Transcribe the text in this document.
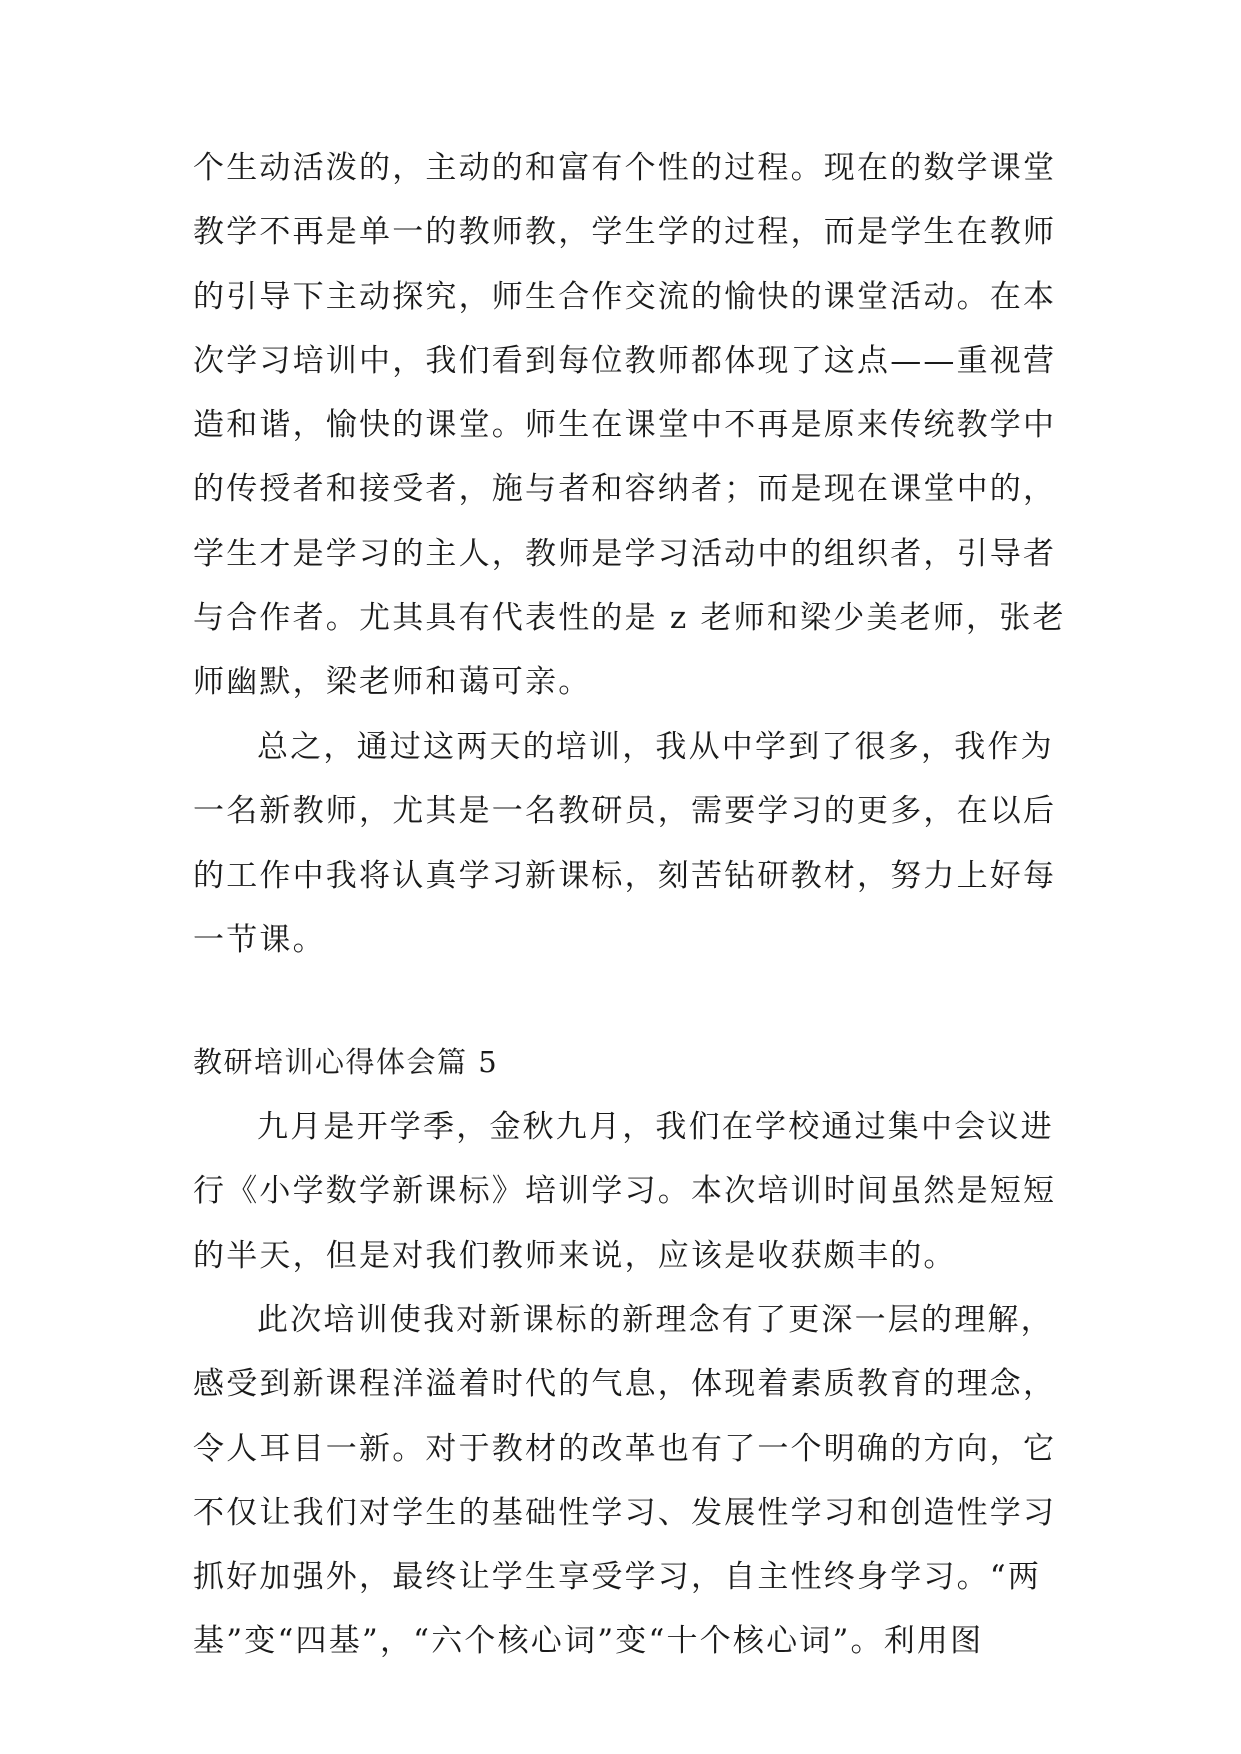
个生动活泼的，主动的和富有个性的过程。现在的数学课堂
教学不再是单一的教师教，学生学的过程，而是学生在教师
的引导下主动探究，师生合作交流的愉快的课堂活动。在本
次学习培训中，我们看到每位教师都体现了这点——重视营
造和谐，愉快的课堂。师生在课堂中不再是原来传统教学中
的传授者和接受者，施与者和容纳者；而是现在课堂中的，
学生才是学习的主人，教师是学习活动中的组织者，引导者
与合作者。尤其具有代表性的是 z 老师和梁少美老师，张老
师幽默，梁老师和蔼可亲。
总之，通过这两天的培训，我从中学到了很多，我作为
一名新教师，尤其是一名教研员，需要学习的更多，在以后
的工作中我将认真学习新课标，刻苦钻研教材，努力上好每
一节课。
教研培训心得体会篇 5
九月是开学季，金秋九月，我们在学校通过集中会议进
行《小学数学新课标》培训学习。本次培训时间虽然是短短
的半天，但是对我们教师来说，应该是收获颇丰的。
此次培训使我对新课标的新理念有了更深一层的理解，
感受到新课程洋溢着时代的气息，体现着素质教育的理念，
令人耳目一新。对于教材的改革也有了一个明确的方向，它
不仅让我们对学生的基础性学习、发展性学习和创造性学习
抓好加强外，最终让学生享受学习，自主性终身学习。“两
基”变“四基”，“六个核心词”变“十个核心词”。利用图
